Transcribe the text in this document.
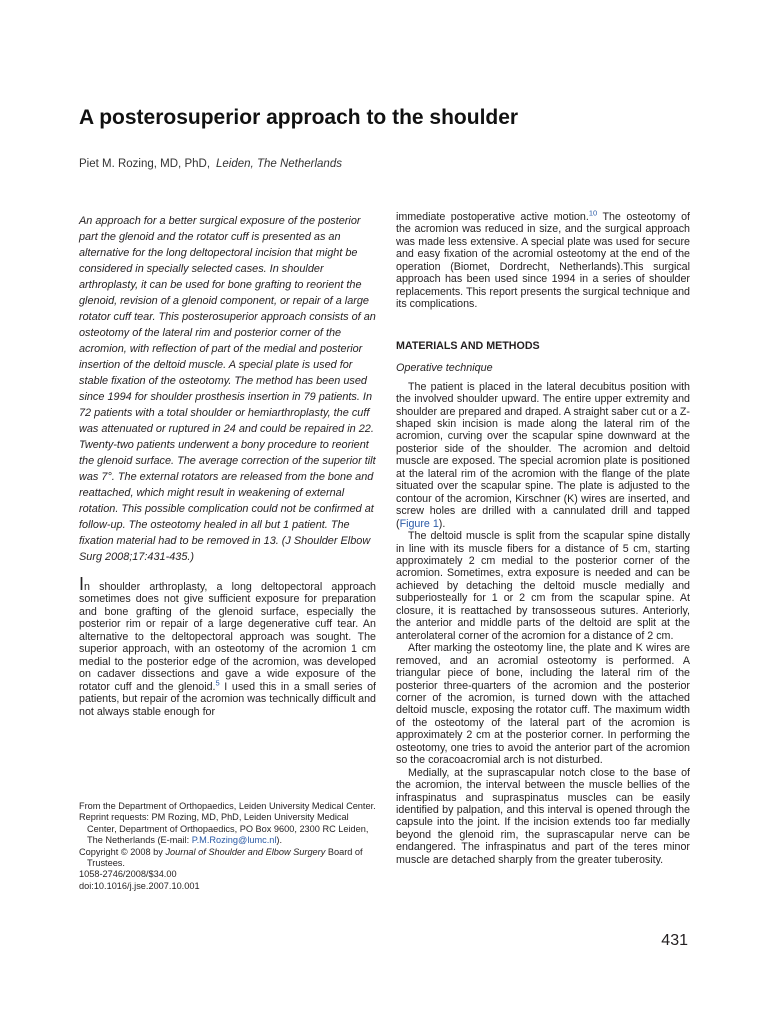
A posterosuperior approach to the shoulder
Piet M. Rozing, MD, PhD, Leiden, The Netherlands

An approach for a better surgical exposure of the posterior part the glenoid and the rotator cuff is presented as an alternative for the long deltopectoral incision that might be considered in specially selected cases. In shoulder arthroplasty, it can be used for bone grafting to reorient the glenoid, revision of a glenoid component, or repair of a large rotator cuff tear. This posterosuperior approach consists of an osteotomy of the lateral rim and posterior corner of the acromion, with reflection of part of the medial and posterior insertion of the deltoid muscle. A special plate is used for stable fixation of the osteotomy. The method has been used since 1994 for shoulder prosthesis insertion in 79 patients. In 72 patients with a total shoulder or hemiarthroplasty, the cuff was attenuated or ruptured in 24 and could be repaired in 22. Twenty-two patients underwent a bony procedure to reorient the glenoid surface. The average correction of the superior tilt was 7°. The external rotators are released from the bone and reattached, which might result in weakening of external rotation. This possible complication could not be confirmed at follow-up. The osteotomy healed in all but 1 patient. The fixation material had to be removed in 13. (J Shoulder Elbow Surg 2008;17:431-435.)

In shoulder arthroplasty, a long deltopectoral approach sometimes does not give sufficient exposure for preparation and bone grafting of the glenoid surface, especially the posterior rim or repair of a large degenerative cuff tear. An alternative to the deltopectoral approach was sought. The superior approach, with an osteotomy of the acromion 1 cm medial to the posterior edge of the acromion, was developed on cadaver dissections and gave a wide exposure of the rotator cuff and the glenoid.$^5$ I used this in a small series of patients, but repair of the acromion was technically difficult and not always stable enough for

immediate postoperative active motion.$^{10}$ The osteotomy of the acromion was reduced in size, and the surgical approach was made less extensive. A special plate was used for secure and easy fixation of the acromial osteotomy at the end of the operation (Biomet, Dordrecht, Netherlands).This surgical approach has been used since 1994 in a series of shoulder replacements. This report presents the surgical technique and its complications.

MATERIALS AND METHODS
Operative technique

The patient is placed in the lateral decubitus position with the involved shoulder upward. The entire upper extremity and shoulder are prepared and draped. A straight saber cut or a Z-shaped skin incision is made along the lateral rim of the acromion, curving over the scapular spine downward at the posterior side of the shoulder. The acromion and deltoid muscle are exposed. The special acromion plate is positioned at the lateral rim of the acromion with the flange of the plate situated over the scapular spine. The plate is adjusted to the contour of the acromion, Kirschner (K) wires are inserted, and screw holes are drilled with a cannulated drill and tapped (Figure 1).

The deltoid muscle is split from the scapular spine distally in line with its muscle fibers for a distance of 5 cm, starting approximately 2 cm medial to the posterior corner of the acromion. Sometimes, extra exposure is needed and can be achieved by detaching the deltoid muscle medially and subperiosteally for 1 or 2 cm from the scapular spine. At closure, it is reattached by transosseous sutures. Anteriorly, the anterior and middle parts of the deltoid are split at the anterolateral corner of the acromion for a distance of 2 cm.

After marking the osteotomy line, the plate and K wires are removed, and an acromial osteotomy is performed. A triangular piece of bone, including the lateral rim of the posterior three-quarters of the acromion and the posterior corner of the acromion, is turned down with the attached deltoid muscle, exposing the rotator cuff. The maximum width of the osteotomy of the lateral part of the acromion is approximately 2 cm at the posterior corner. In performing the osteotomy, one tries to avoid the anterior part of the acromion so the coracoacromial arch is not disturbed.

Medially, at the suprascapular notch close to the base of the acromion, the interval between the muscle bellies of the infraspinatus and supraspinatus muscles can be easily identified by palpation, and this interval is opened through the capsule into the joint. If the incision extends too far medially beyond the glenoid rim, the suprascapular nerve can be endangered. The infraspinatus and part of the teres minor muscle are detached sharply from the greater tuberosity.

From the Department of Orthopaedics, Leiden University Medical Center.

Reprint requests: PM Rozing, MD, PhD, Leiden University Medical Center, Department of Orthopaedics, PO Box 9600, 2300 RC Leiden, The Netherlands (E-mail: P.M.Rozing@lumc.nl).

Copyright © 2008 by Journal of Shoulder and Elbow Surgery Board of Trustees.

1058-2746/2008/$34.00

doi:10.1016/j.jse.2007.10.001

431
